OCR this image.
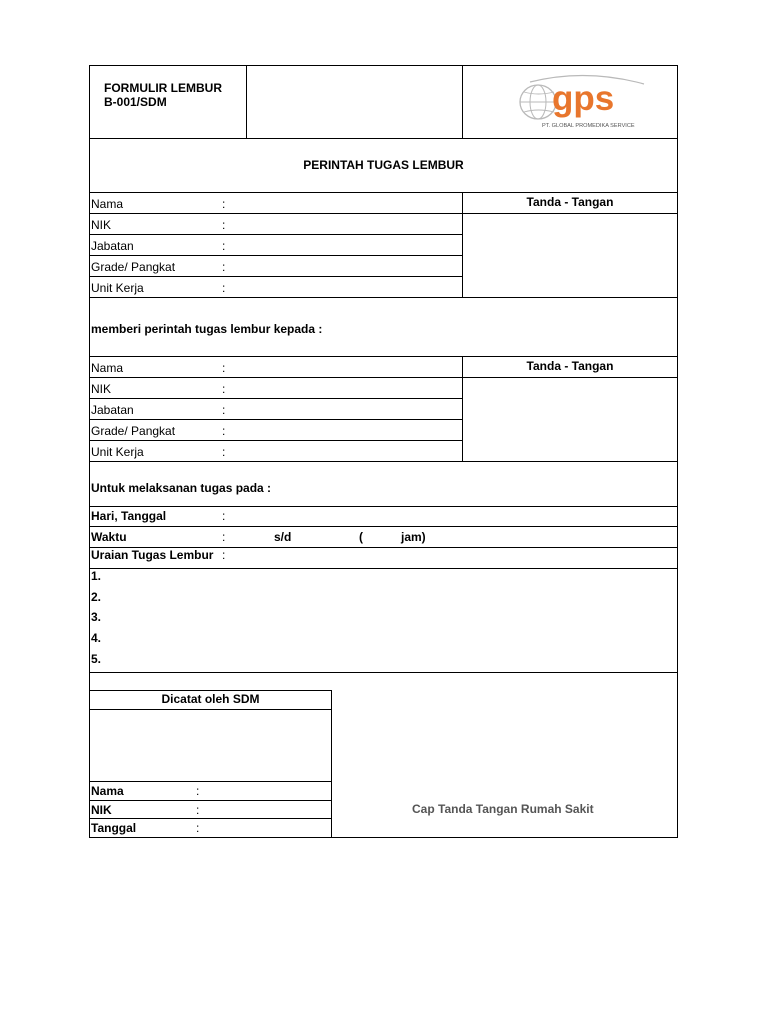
FORMULIR LEMBUR
B-001/SDM	gps
PT. GLOBAL PROMEDIKA SERVICE
PERINTAH TUGAS LEMBUR
Nama	:
NIK	:
Jabatan	:
Grade/ Pangkat	:
Unit Kerja	:
Tanda - Tangan
memberi perintah tugas lembur kepada :
Nama	:
NIK	:
Jabatan	:
Grade/ Pangkat	:
Unit Kerja	:
Tanda - Tangan
Untuk melaksanan tugas pada :
Hari, Tanggal	:
Waktu	:	s/d	(	jam)
Uraian Tugas Lembur :
1.
2.
3.
4.
5.
Dicatat oleh SDM
Nama	:
NIK	:
Tanggal	:
Cap Tanda Tangan Rumah Sakit
